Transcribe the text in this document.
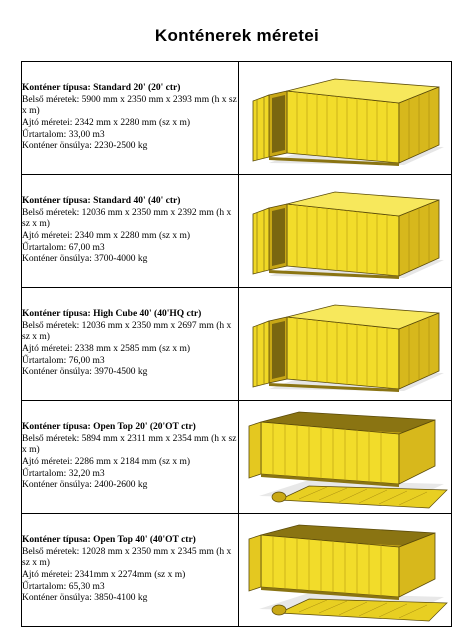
Konténerek méretei
Konténer típusa: Standard 20' (20' ctr)
Belső méretek: 5900 mm x 2350 mm x 2393 mm (h x sz x m)
Ajtó méretei: 2342 mm x 2280 mm (sz x m)
Űrtartalom: 33,00 m3
Konténer önsúlya: 2230-2500 kg

Konténer típusa: Standard 40' (40' ctr)
Belső méretek: 12036 mm x 2350 mm x 2392 mm (h x sz x m)
Ajtó méretei: 2340 mm x 2280 mm (sz x m)
Űrtartalom: 67,00 m3
Konténer önsúlya: 3700-4000 kg

Konténer típusa: High Cube 40' (40'HQ ctr)
Belső méretek: 12036 mm x 2350 mm x 2697 mm (h x sz x m)
Ajtó méretei: 2338 mm x 2585 mm (sz x m)
Űrtartalom: 76,00 m3
Konténer önsúlya: 3970-4500 kg

Konténer típusa: Open Top 20' (20'OT ctr)
Belső méretek: 5894 mm x 2311 mm x 2354 mm (h x sz x m)
Ajtó méretei: 2286 mm x 2184 mm (sz x m)
Űrtartalom: 32,20 m3
Konténer önsúlya: 2400-2600 kg

Konténer típusa: Open Top 40' (40'OT ctr)
Belső méretek: 12028 mm x 2350 mm x 2345 mm (h x sz x m)
Ajtó méretei: 2341mm x 2274mm (sz x m)
Űrtartalom: 65,30 m3
Konténer önsúlya: 3850-4100 kg
